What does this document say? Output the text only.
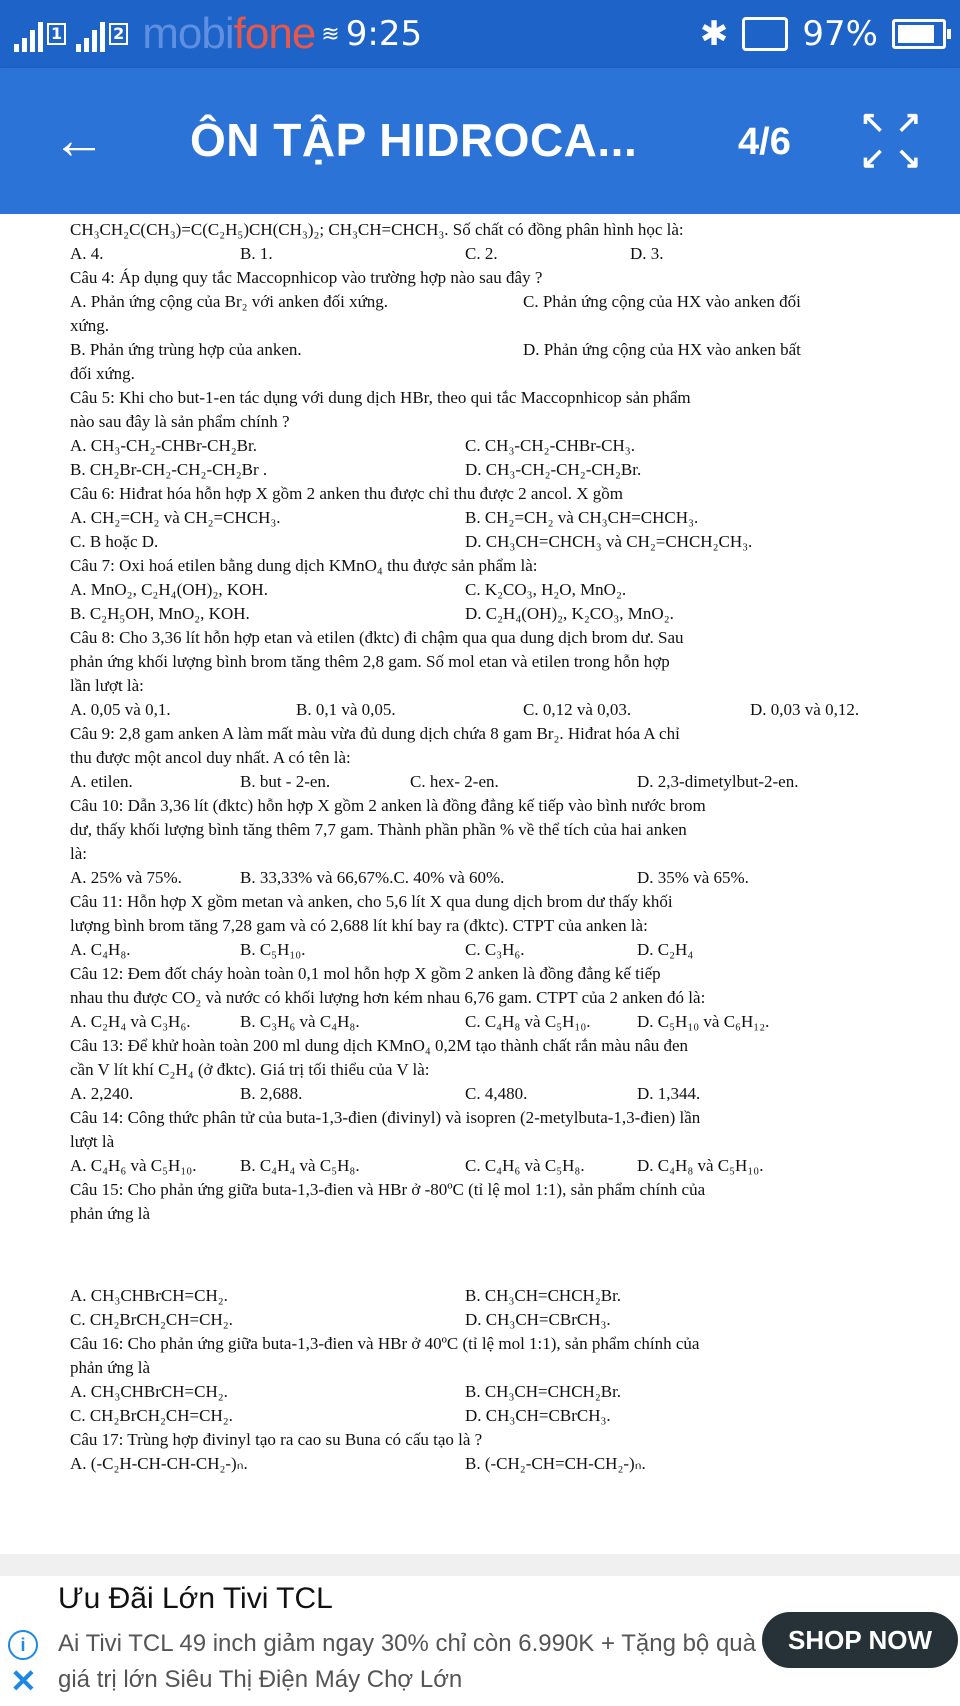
1	2 mobifone ≋ 9:25	✱ 97%
← ÔN TẬP HIDROCA...	4/6 ↖ ↗
↙ ↘
CH₃CH₂C(CH₃)=C(C₂H₅)CH(CH₃)₂; CH₃CH=CHCH₃. Số chất có đồng phân hình học là:
A. 4.	B. 1.	C. 2.	D. 3.
Câu 4: Áp dụng quy tắc Maccopnhicop vào trường hợp nào sau đây ?
A. Phản ứng cộng của Br₂ với anken đối xứng.	C. Phản ứng cộng của HX vào anken đối
xứng.
B. Phản ứng trùng hợp của anken.	D. Phản ứng cộng của HX vào anken bất
đối xứng.
Câu 5: Khi cho but-1-en tác dụng với dung dịch HBr, theo qui tắc Maccopnhicop sản phẩm
nào sau đây là sản phẩm chính ?
A. CH₃-CH₂-CHBr-CH₂Br.	C. CH₃-CH₂-CHBr-CH₃.
B. CH₂Br-CH₂-CH₂-CH₂Br .	D. CH₃-CH₂-CH₂-CH₂Br.
Câu 6: Hiđrat hóa hỗn hợp X gồm 2 anken thu được chỉ thu được 2 ancol. X gồm
A. CH₂=CH₂ và CH₂=CHCH₃.	B. CH₂=CH₂ và CH₃CH=CHCH₃.
C. B hoặc D.	D. CH₃CH=CHCH₃ và CH₂=CHCH₂CH₃.
Câu 7: Oxi hoá etilen bằng dung dịch KMnO₄ thu được sản phẩm là:
A. MnO₂, C₂H₄(OH)₂, KOH.	C. K₂CO₃, H₂O, MnO₂.
B. C₂H₅OH, MnO₂, KOH.	D. C₂H₄(OH)₂, K₂CO₃, MnO₂.
Câu 8: Cho 3,36 lít hỗn hợp etan và etilen (đktc) đi chậm qua qua dung dịch brom dư. Sau
phản ứng khối lượng bình brom tăng thêm 2,8 gam. Số mol etan và etilen trong hỗn hợp
lần lượt là:
A. 0,05 và 0,1.	B. 0,1 và 0,05.	C. 0,12 và 0,03.	D. 0,03 và 0,12.
Câu 9: 2,8 gam anken A làm mất màu vừa đủ dung dịch chứa 8 gam Br₂. Hiđrat hóa A chỉ
thu được một ancol duy nhất. A có tên là:
A. etilen.	B. but - 2-en.	C. hex- 2-en.	D. 2,3-dimetylbut-2-en.
Câu 10: Dẫn 3,36 lít (đktc) hỗn hợp X gồm 2 anken là đồng đẳng kế tiếp vào bình nước brom
dư, thấy khối lượng bình tăng thêm 7,7 gam. Thành phần phần % về thể tích của hai anken
là:
A. 25% và 75%.	B. 33,33% và 66,67%.C. 40% và 60%.	D. 35% và 65%.
Câu 11: Hỗn hợp X gồm metan và anken, cho 5,6 lít X qua dung dịch brom dư thấy khối
lượng bình brom tăng 7,28 gam và có 2,688 lít khí bay ra (đktc). CTPT của anken là:
A. C₄H₈.	B. C₅H₁₀.	C. C₃H₆.	D. C₂H₄
Câu 12: Đem đốt cháy hoàn toàn 0,1 mol hỗn hợp X gồm 2 anken là đồng đẳng kế tiếp
nhau thu được CO₂ và nước có khối lượng hơn kém nhau 6,76 gam. CTPT của 2 anken đó là:
A. C₂H₄ và C₃H₆.	B. C₃H₆ và C₄H₈.	C. C₄H₈ và C₅H₁₀.	D. C₅H₁₀ và C₆H₁₂.
Câu 13: Để khử hoàn toàn 200 ml dung dịch KMnO₄ 0,2M tạo thành chất rắn màu nâu đen
cần V lít khí C₂H₄ (ở đktc). Giá trị tối thiểu của V là:
A. 2,240.	B. 2,688.	C. 4,480.	D. 1,344.
Câu 14: Công thức phân tử của buta-1,3-đien (đivinyl) và isopren (2-metylbuta-1,3-đien) lần
lượt là
A. C₄H₆ và C₅H₁₀.	B. C₄H₄ và C₅H₈.	C. C₄H₆ và C₅H₈.	D. C₄H₈ và C₅H₁₀.
Câu 15: Cho phản ứng giữa buta-1,3-đien và HBr ở -80ºC (tỉ lệ mol 1:1), sản phẩm chính của
phản ứng là
A. CH₃CHBrCH=CH₂.	B. CH₃CH=CHCH₂Br.
C. CH₂BrCH₂CH=CH₂.	D. CH₃CH=CBrCH₃.
Câu 16: Cho phản ứng giữa buta-1,3-đien và HBr ở 40ºC (tỉ lệ mol 1:1), sản phẩm chính của
phản ứng là
A. CH₃CHBrCH=CH₂.	B. CH₃CH=CHCH₂Br.
C. CH₂BrCH₂CH=CH₂.	D. CH₃CH=CBrCH₃.
Câu 17: Trùng hợp đivinyl tạo ra cao su Buna có cấu tạo là ?
A. (-C₂H-CH-CH-CH₂-)ₙ.	B. (-CH₂-CH=CH-CH₂-)ₙ.
Ưu Đãi Lớn Tivi TCL
i
✕
Ai Tivi TCL 49 inch giảm ngay 30% chỉ còn 6.990K + Tặng bộ quà giá trị lớn Siêu Thị Điện Máy Chợ Lớn
SHOP NOW
